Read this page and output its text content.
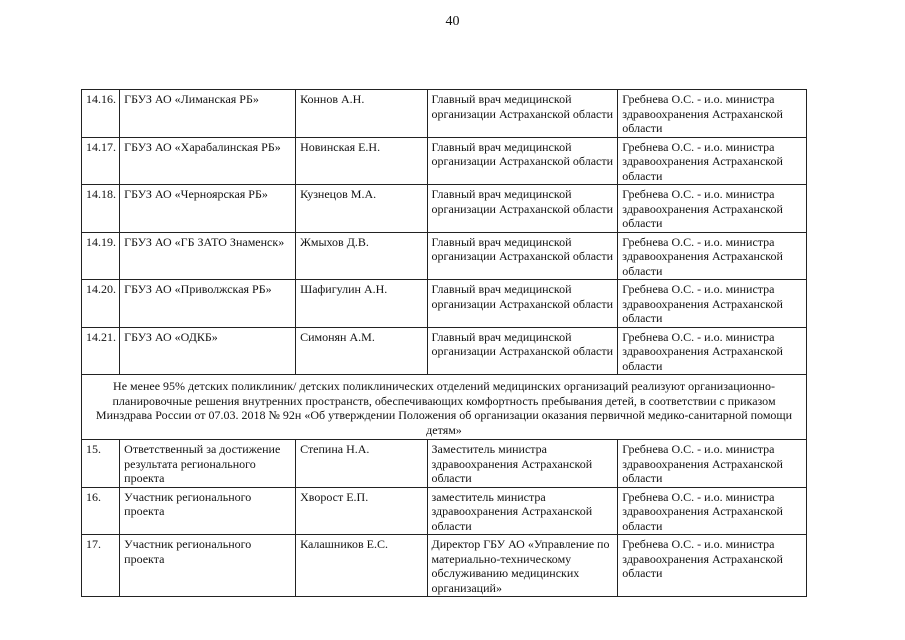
40
14.16.	ГБУЗ АО «Лиманская РБ»	Коннов А.Н.	Главный врач медицинской организации Астраханской области	Гребнева О.С. - и.о. министра здравоохранения Астраханской области
14.17.	ГБУЗ АО «Харабалинская РБ»	Новинская Е.Н.	Главный врач медицинской организации Астраханской области	Гребнева О.С. - и.о. министра здравоохранения Астраханской области
14.18.	ГБУЗ АО «Черноярская РБ»	Кузнецов М.А.	Главный врач медицинской организации Астраханской области	Гребнева О.С. - и.о. министра здравоохранения Астраханской области
14.19.	ГБУЗ АО «ГБ ЗАТО Знаменск»	Жмыхов Д.В.	Главный врач медицинской организации Астраханской области	Гребнева О.С. - и.о. министра здравоохранения Астраханской области
14.20.	ГБУЗ АО «Приволжская РБ»	Шафигулин А.Н.	Главный врач медицинской организации Астраханской области	Гребнева О.С. - и.о. министра здравоохранения Астраханской области
14.21.	ГБУЗ АО «ОДКБ»	Симонян А.М.	Главный врач медицинской организации Астраханской области	Гребнева О.С. - и.о. министра здравоохранения Астраханской области
Не менее 95% детских поликлиник/ детских поликлинических отделений медицинских организаций реализуют организационно-планировочные решения внутренних пространств, обеспечивающих комфортность пребывания детей, в соответствии с приказом Минздрава России от 07.03. 2018 № 92н «Об утверждении Положения об организации оказания первичной медико-санитарной помощи детям»				
15.	Ответственный за достижение результата регионального проекта	Степина Н.А.	Заместитель министра здравоохранения Астраханской области	Гребнева О.С. - и.о. министра здравоохранения Астраханской области
16.	Участник регионального проекта	Хворост Е.П.	заместитель министра здравоохранения Астраханской области	Гребнева О.С. - и.о. министра здравоохранения Астраханской области
17.	Участник регионального проекта	Калашников Е.С.	Директор ГБУ АО «Управление по материально-техническому обслуживанию медицинских организаций»	Гребнева О.С. - и.о. министра здравоохранения Астраханской области
